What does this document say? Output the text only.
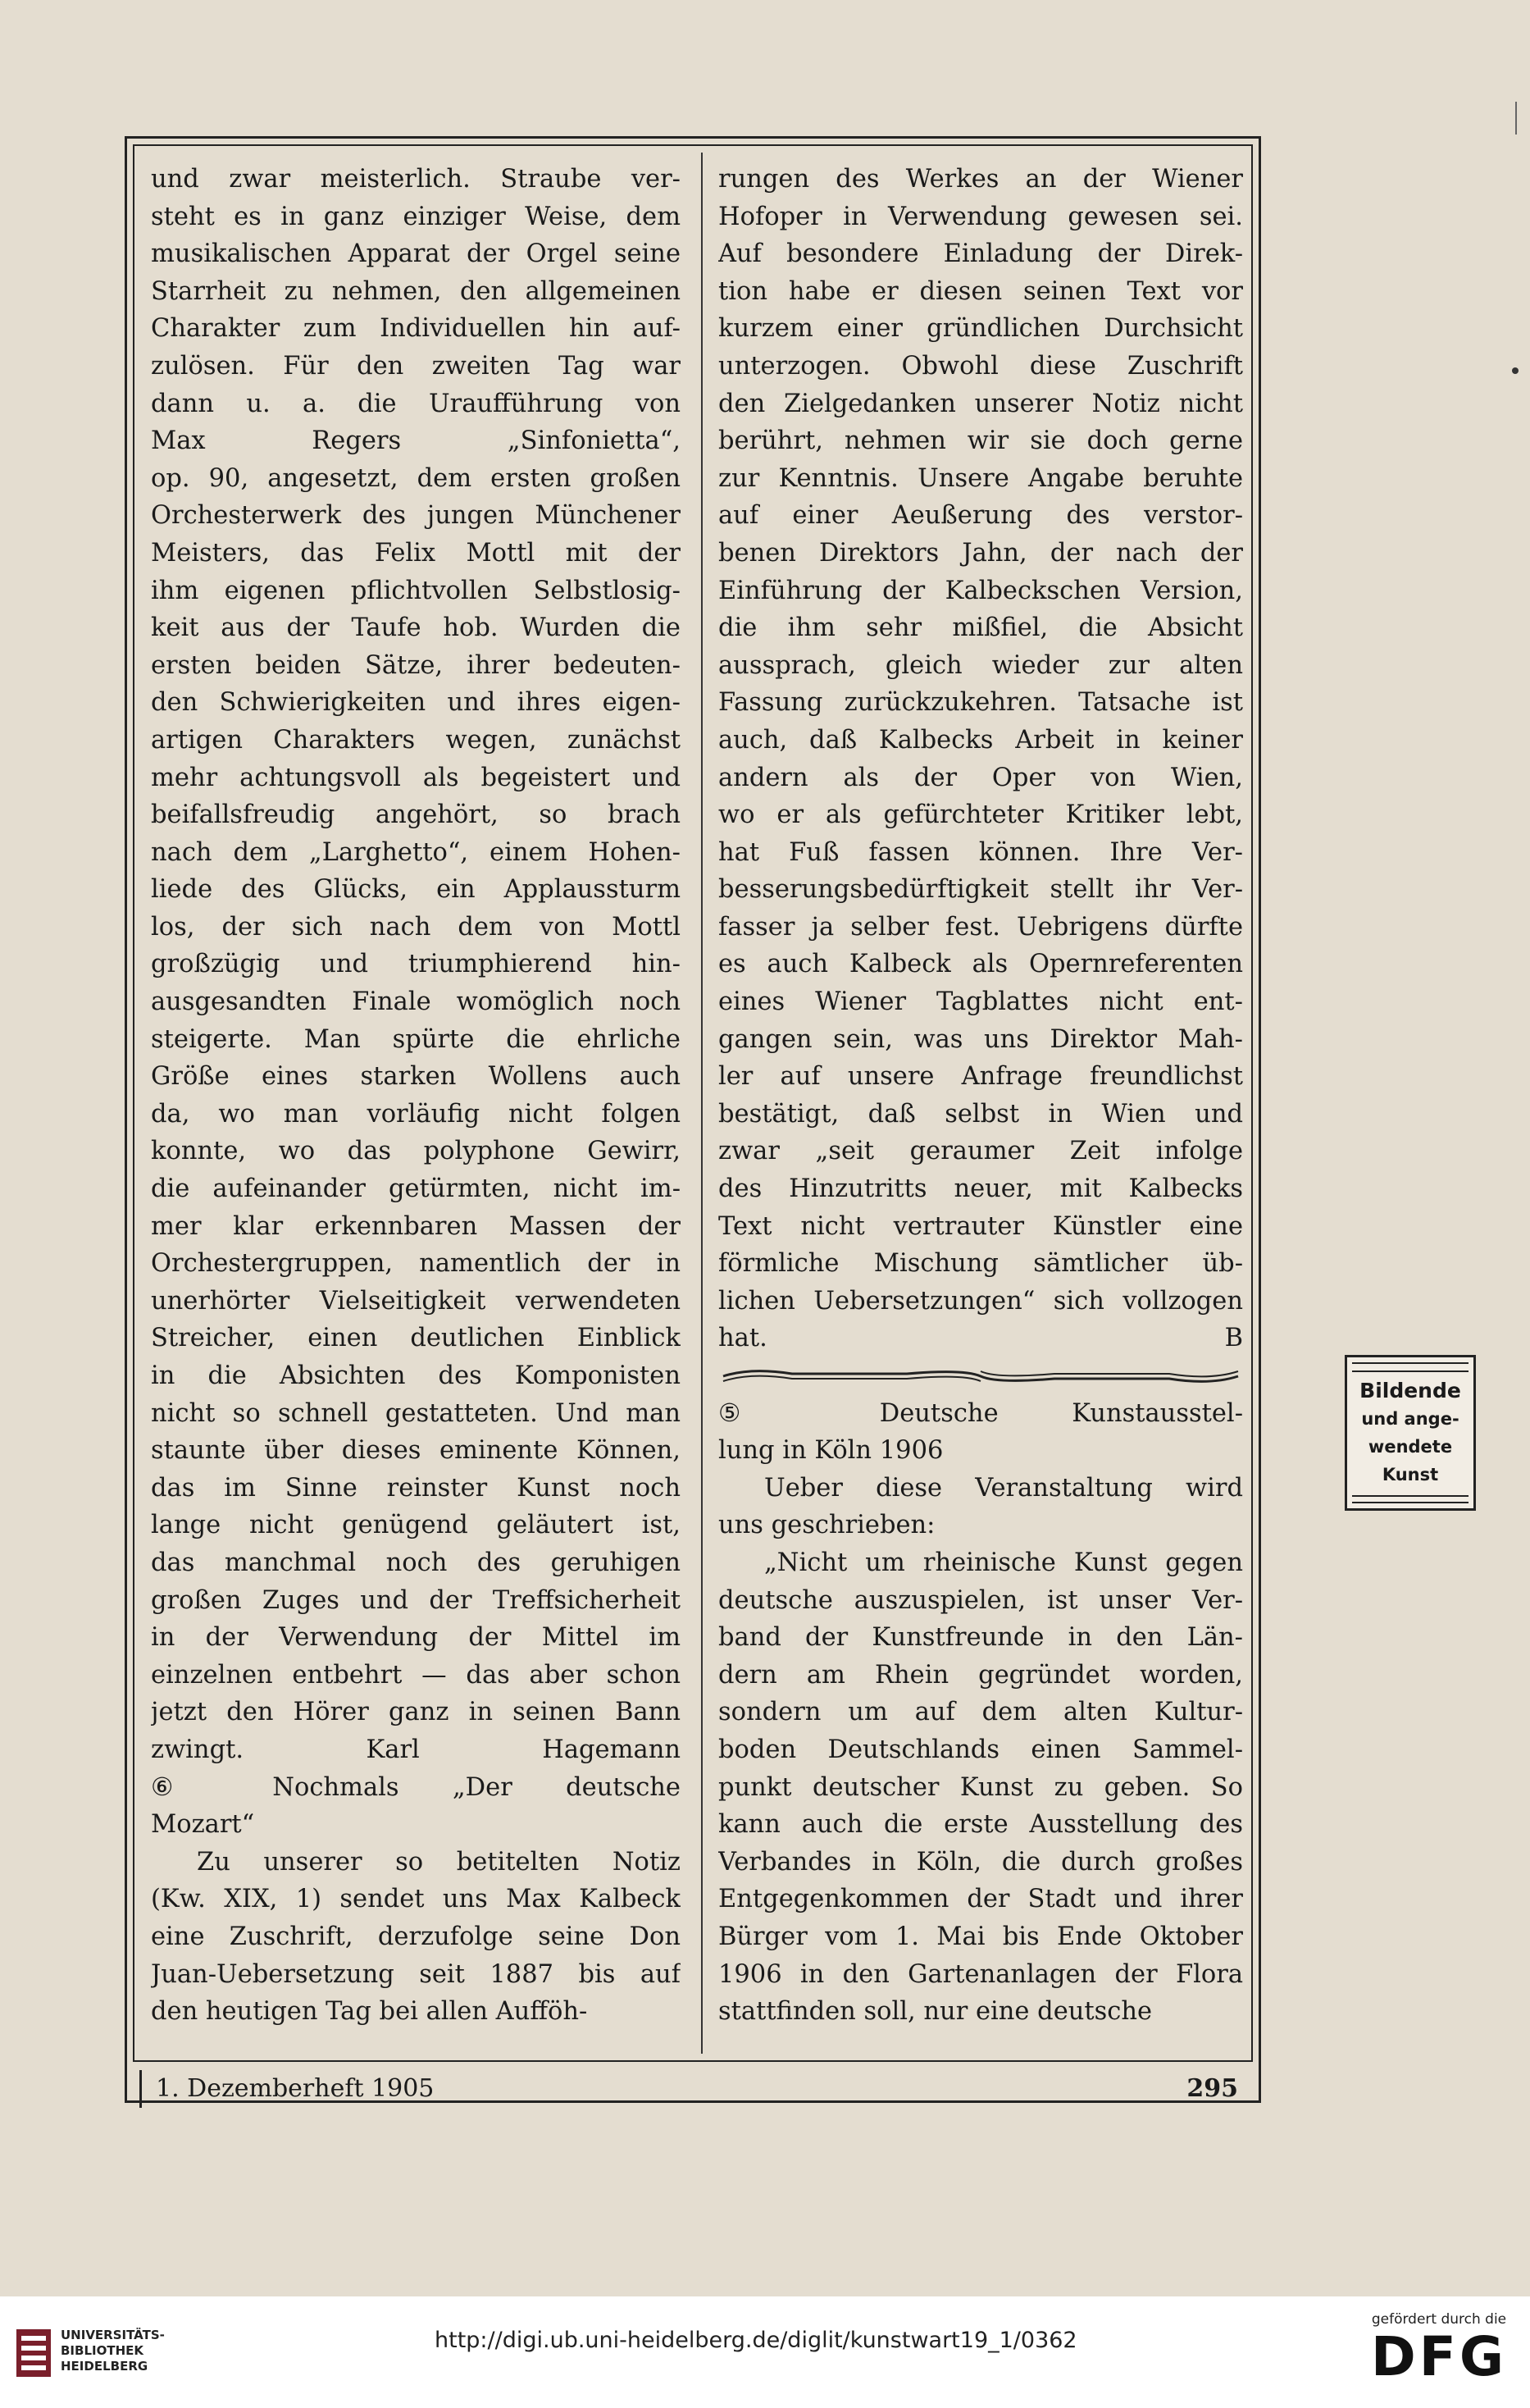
und zwar meisterlich. Straube ver-
steht es in ganz einziger Weise, dem
musikalischen Apparat der Orgel seine
Starrheit zu nehmen, den allgemeinen
Charakter zum Individuellen hin auf-
zulösen. Für den zweiten Tag war
dann u. a. die Uraufführung von
Max Regers „Sinfonietta“,
op. 90, angesetzt, dem ersten großen
Orchesterwerk des jungen Münchener
Meisters, das Felix Mottl mit der
ihm eigenen pflichtvollen Selbstlosig-
keit aus der Taufe hob. Wurden die
ersten beiden Sätze, ihrer bedeuten-
den Schwierigkeiten und ihres eigen-
artigen Charakters wegen, zunächst
mehr achtungsvoll als begeistert und
beifallsfreudig angehört, so brach
nach dem „Larghetto“, einem Hohen-
liede des Glücks, ein Applaussturm
los, der sich nach dem von Mottl
großzügig und triumphierend hin-
ausgesandten Finale womöglich noch
steigerte. Man spürte die ehrliche
Größe eines starken Wollens auch
da, wo man vorläufig nicht folgen
konnte, wo das polyphone Gewirr,
die aufeinander getürmten, nicht im-
mer klar erkennbaren Massen der
Orchestergruppen, namentlich der in
unerhörter Vielseitigkeit verwendeten
Streicher, einen deutlichen Einblick
in die Absichten des Komponisten
nicht so schnell gestatteten. Und man
staunte über dieses eminente Können,
das im Sinne reinster Kunst noch
lange nicht genügend geläutert ist,
das manchmal noch des geruhigen
großen Zuges und der Treffsicherheit
in der Verwendung der Mittel im
einzelnen entbehrt — das aber schon
jetzt den Hörer ganz in seinen Bann
zwingt. Karl Hagemann
⑥ Nochmals „Der deutsche
Mozart“
Zu unserer so betitelten Notiz
(Kw. XIX, 1) sendet uns Max Kalbeck
eine Zuschrift, derzufolge seine Don
Juan-Uebersetzung seit 1887 bis auf
den heutigen Tag bei allen Aufföh-
rungen des Werkes an der Wiener
Hofoper in Verwendung gewesen sei.
Auf besondere Einladung der Direk-
tion habe er diesen seinen Text vor
kurzem einer gründlichen Durchsicht
unterzogen. Obwohl diese Zuschrift
den Zielgedanken unserer Notiz nicht
berührt, nehmen wir sie doch gerne
zur Kenntnis. Unsere Angabe beruhte
auf einer Aeußerung des verstor-
benen Direktors Jahn, der nach der
Einführung der Kalbeckschen Version,
die ihm sehr mißfiel, die Absicht
aussprach, gleich wieder zur alten
Fassung zurückzukehren. Tatsache ist
auch, daß Kalbecks Arbeit in keiner
andern als der Oper von Wien,
wo er als gefürchteter Kritiker lebt,
hat Fuß fassen können. Ihre Ver-
besserungsbedürftigkeit stellt ihr Ver-
fasser ja selber fest. Uebrigens dürfte
es auch Kalbeck als Opernreferenten
eines Wiener Tagblattes nicht ent-
gangen sein, was uns Direktor Mah-
ler auf unsere Anfrage freundlichst
bestätigt, daß selbst in Wien und
zwar „seit geraumer Zeit infolge
des Hinzutritts neuer, mit Kalbecks
Text nicht vertrauter Künstler eine
förmliche Mischung sämtlicher üb-
lichen Uebersetzungen“ sich vollzogen
hat. B
⑤ Deutsche Kunstausstel-
lung in Köln 1906
Ueber diese Veranstaltung wird
uns geschrieben:
„Nicht um rheinische Kunst gegen
deutsche auszuspielen, ist unser Ver-
band der Kunstfreunde in den Län-
dern am Rhein gegründet worden,
sondern um auf dem alten Kultur-
boden Deutschlands einen Sammel-
punkt deutscher Kunst zu geben. So
kann auch die erste Ausstellung des
Verbandes in Köln, die durch großes
Entgegenkommen der Stadt und ihrer
Bürger vom 1. Mai bis Ende Oktober
1906 in den Gartenanlagen der Flora
stattfinden soll, nur eine deutsche
1. Dezemberheft 1905	295
Bildende
und ange-
wendete
Kunst
UNIVERSITÄTS-
BIBLIOTHEK
HEIDELBERG
http://digi.ub.uni-heidelberg.de/diglit/kunstwart19_1/0362
gefördert durch die
DFG
